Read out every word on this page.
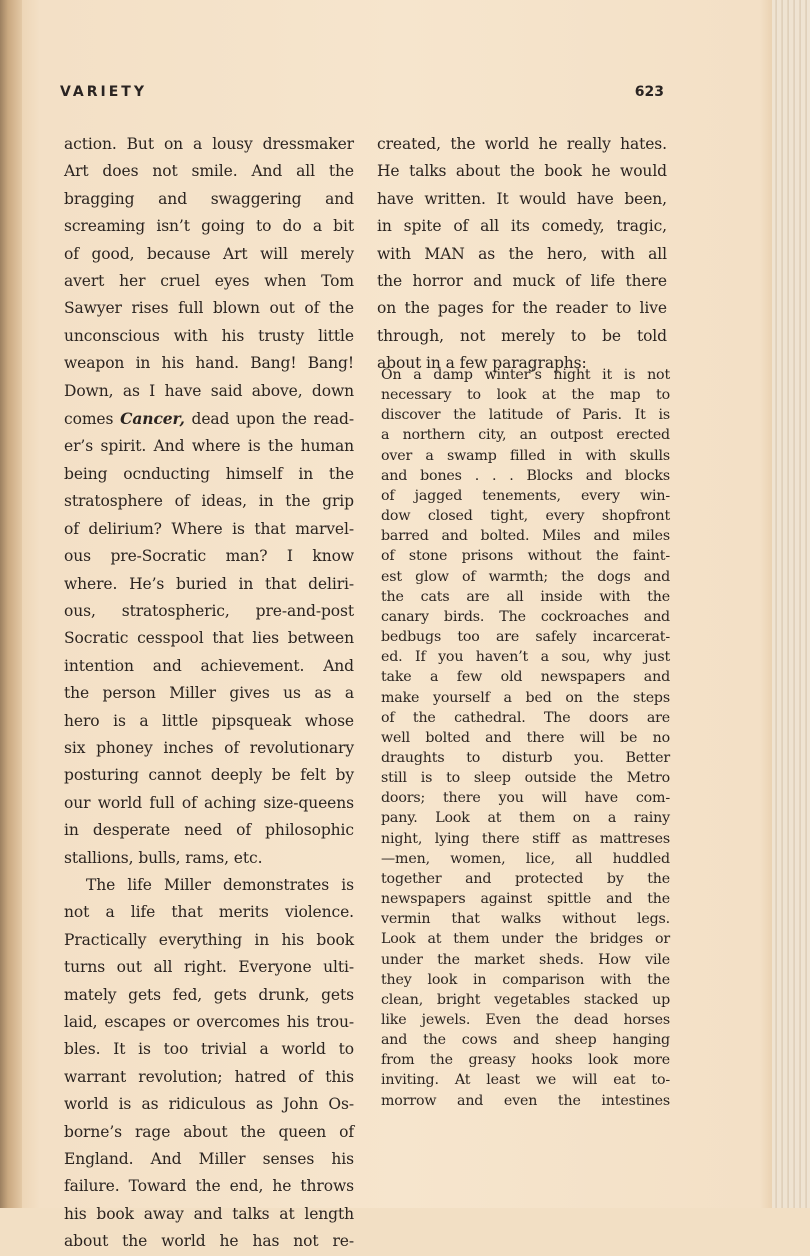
VARIETY	623

action. But on a lousy dressmaker
Art does not smile. And all the
bragging and swaggering and
screaming isn’t going to do a bit
of good, because Art will merely
avert her cruel eyes when Tom
Sawyer rises full blown out of the
unconscious with his trusty little
weapon in his hand. Bang! Bang!
Down, as I have said above, down
comes Cancer, dead upon the read-
er’s spirit. And where is the human
being ocnducting himself in the
stratosphere of ideas, in the grip
of delirium? Where is that marvel-
ous pre-Socratic man? I know
where. He’s buried in that deliri-
ous, stratospheric, pre-and-post
Socratic cesspool that lies between
intention and achievement. And
the person Miller gives us as a
hero is a little pipsqueak whose
six phoney inches of revolutionary
posturing cannot deeply be felt by
our world full of aching size-queens
in desperate need of philosophic
stallions, bulls, rams, etc.

The life Miller demonstrates is
not a life that merits violence.
Practically everything in his book
turns out all right. Everyone ulti-
mately gets fed, gets drunk, gets
laid, escapes or overcomes his trou-
bles. It is too trivial a world to
warrant revolution; hatred of this
world is as ridiculous as John Os-
borne’s rage about the queen of
England. And Miller senses his
failure. Toward the end, he throws
his book away and talks at length
about the world he has not re-

created, the world he really hates.
He talks about the book he would
have written. It would have been,
in spite of all its comedy, tragic,
with MAN as the hero, with all
the horror and muck of life there
on the pages for the reader to live
through, not merely to be told
about in a few paragraphs:
On a damp winter’s night it is not
necessary to look at the map to
discover the latitude of Paris. It is
a northern city, an outpost erected
over a swamp filled in with skulls
and bones . . . Blocks and blocks
of jagged tenements, every win-
dow closed tight, every shopfront
barred and bolted. Miles and miles
of stone prisons without the faint-
est glow of warmth; the dogs and
the cats are all inside with the
canary birds. The cockroaches and
bedbugs too are safely incarcerat-
ed. If you haven’t a sou, why just
take a few old newspapers and
make yourself a bed on the steps
of the cathedral. The doors are
well bolted and there will be no
draughts to disturb you. Better
still is to sleep outside the Metro
doors; there you will have com-
pany. Look at them on a rainy
night, lying there stiff as mattreses
—men, women, lice, all huddled
together and protected by the
newspapers against spittle and the
vermin that walks without legs.
Look at them under the bridges or
under the market sheds. How vile
they look in comparison with the
clean, bright vegetables stacked up
like jewels. Even the dead horses
and the cows and sheep hanging
from the greasy hooks look more
inviting. At least we will eat to-
morrow and even the intestines
